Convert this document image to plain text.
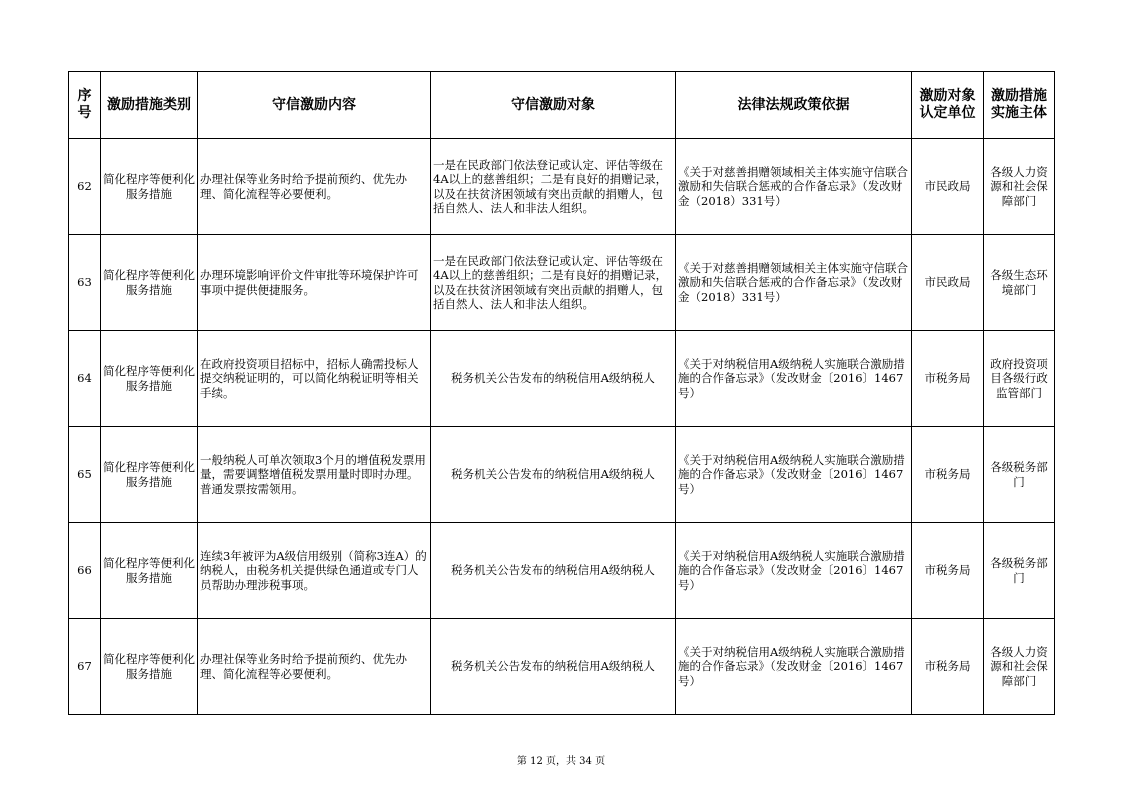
序号	激励措施类别	守信激励内容	守信激励对象	法律法规政策依据	激励对象认定单位	激励措施实施主体
62	简化程序等便利化服务措施	办理社保等业务时给予提前预约、优先办理、简化流程等必要便利。	一是在民政部门依法登记或认定、评估等级在4A以上的慈善组织；二是有良好的捐赠记录，以及在扶贫济困领域有突出贡献的捐赠人，包括自然人、法人和非法人组织。	《关于对慈善捐赠领域相关主体实施守信联合激励和失信联合惩戒的合作备忘录》（发改财金（2018）331号）	市民政局	各级人力资源和社会保障部门
63	简化程序等便利化服务措施	办理环境影响评价文件审批等环境保护许可事项中提供便捷服务。	一是在民政部门依法登记或认定、评估等级在4A以上的慈善组织；二是有良好的捐赠记录，以及在扶贫济困领域有突出贡献的捐赠人，包括自然人、法人和非法人组织。	《关于对慈善捐赠领域相关主体实施守信联合激励和失信联合惩戒的合作备忘录》（发改财金（2018）331号）	市民政局	各级生态环境部门
64	简化程序等便利化服务措施	在政府投资项目招标中，招标人确需投标人提交纳税证明的，可以简化纳税证明等相关手续。	税务机关公告发布的纳税信用A级纳税人	《关于对纳税信用A级纳税人实施联合激励措施的合作备忘录》（发改财金〔2016〕1467号）	市税务局	政府投资项目各级行政监管部门
65	简化程序等便利化服务措施	一般纳税人可单次领取3个月的增值税发票用量，需要调整增值税发票用量时即时办理。普通发票按需领用。	税务机关公告发布的纳税信用A级纳税人	《关于对纳税信用A级纳税人实施联合激励措施的合作备忘录》（发改财金〔2016〕1467号）	市税务局	各级税务部门
66	简化程序等便利化服务措施	连续3年被评为A级信用级别（简称3连A）的纳税人，由税务机关提供绿色通道或专门人员帮助办理涉税事项。	税务机关公告发布的纳税信用A级纳税人	《关于对纳税信用A级纳税人实施联合激励措施的合作备忘录》（发改财金〔2016〕1467号）	市税务局	各级税务部门
67	简化程序等便利化服务措施	办理社保等业务时给予提前预约、优先办理、简化流程等必要便利。	税务机关公告发布的纳税信用A级纳税人	《关于对纳税信用A级纳税人实施联合激励措施的合作备忘录》（发改财金〔2016〕1467号）	市税务局	各级人力资源和社会保障部门
第 12 页，共 34 页
